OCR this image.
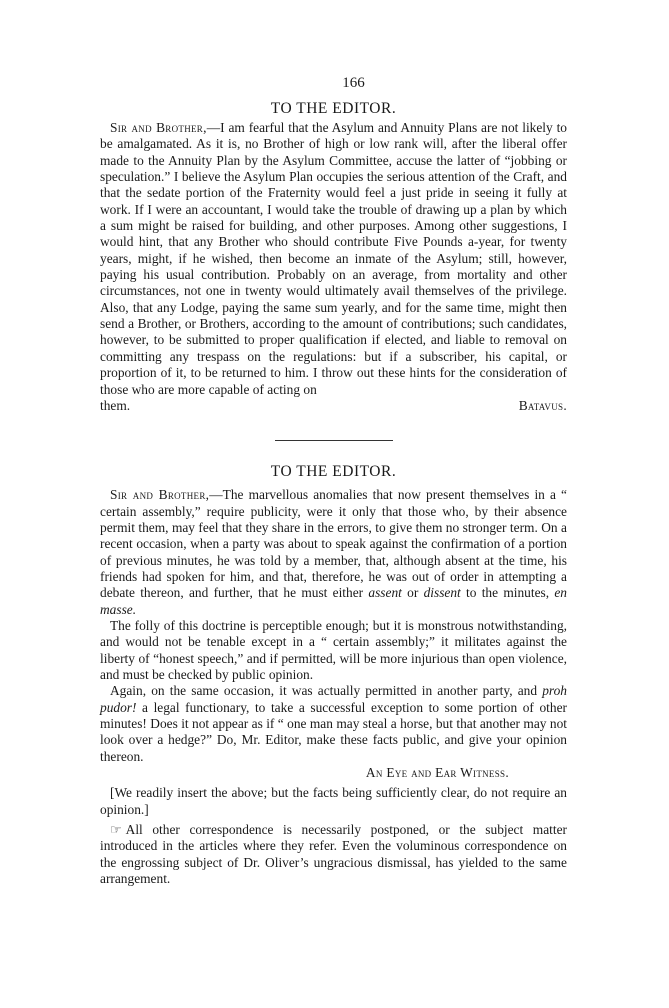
166
TO THE EDITOR.

Sir and Brother,—I am fearful that the Asylum and Annuity Plans are not likely to be amalgamated. As it is, no Brother of high or low rank will, after the liberal offer made to the Annuity Plan by the Asylum Committee, accuse the latter of “jobbing or speculation.” I believe the Asylum Plan occupies the serious attention of the Craft, and that the sedate portion of the Fraternity would feel a just pride in seeing it fully at work. If I were an accountant, I would take the trouble of drawing up a plan by which a sum might be raised for building, and other purposes. Among other suggestions, I would hint, that any Brother who should contribute Five Pounds a-year, for twenty years, might, if he wished, then become an inmate of the Asylum; still, however, paying his usual contribution. Probably on an average, from mortality and other circumstances, not one in twenty would ultimately avail themselves of the privilege. Also, that any Lodge, paying the same sum yearly, and for the same time, might then send a Brother, or Brothers, according to the amount of contributions; such candidates, however, to be submitted to proper qualification if elected, and liable to removal on committing any trespass on the regulations: but if a subscriber, his capital, or proportion of it, to be returned to him. I throw out these hints for the consideration of those who are more capable of acting on

them.	Batavus.
TO THE EDITOR.

Sir and Brother,—The marvellous anomalies that now present themselves in a “ certain assembly,” require publicity, were it only that those who, by their absence permit them, may feel that they share in the errors, to give them no stronger term. On a recent occasion, when a party was about to speak against the confirmation of a portion of previous minutes, he was told by a member, that, although absent at the time, his friends had spoken for him, and that, therefore, he was out of order in attempting a debate thereon, and further, that he must either assent or dissent to the minutes, en masse.

The folly of this doctrine is perceptible enough; but it is monstrous notwithstanding, and would not be tenable except in a “ certain assembly;” it militates against the liberty of “honest speech,” and if permitted, will be more injurious than open violence, and must be checked by public opinion.

Again, on the same occasion, it was actually permitted in another party, and proh pudor! a legal functionary, to take a successful exception to some portion of other minutes! Does it not appear as if “ one man may steal a horse, but that another may not look over a hedge?” Do, Mr. Editor, make these facts public, and give your opinion thereon.

An Eye and Ear Witness.

[We readily insert the above; but the facts being sufficiently clear, do not require an opinion.]

☞ All other correspondence is necessarily postponed, or the subject matter introduced in the articles where they refer. Even the voluminous correspondence on the engrossing subject of Dr. Oliver’s ungracious dismissal, has yielded to the same arrangement.
